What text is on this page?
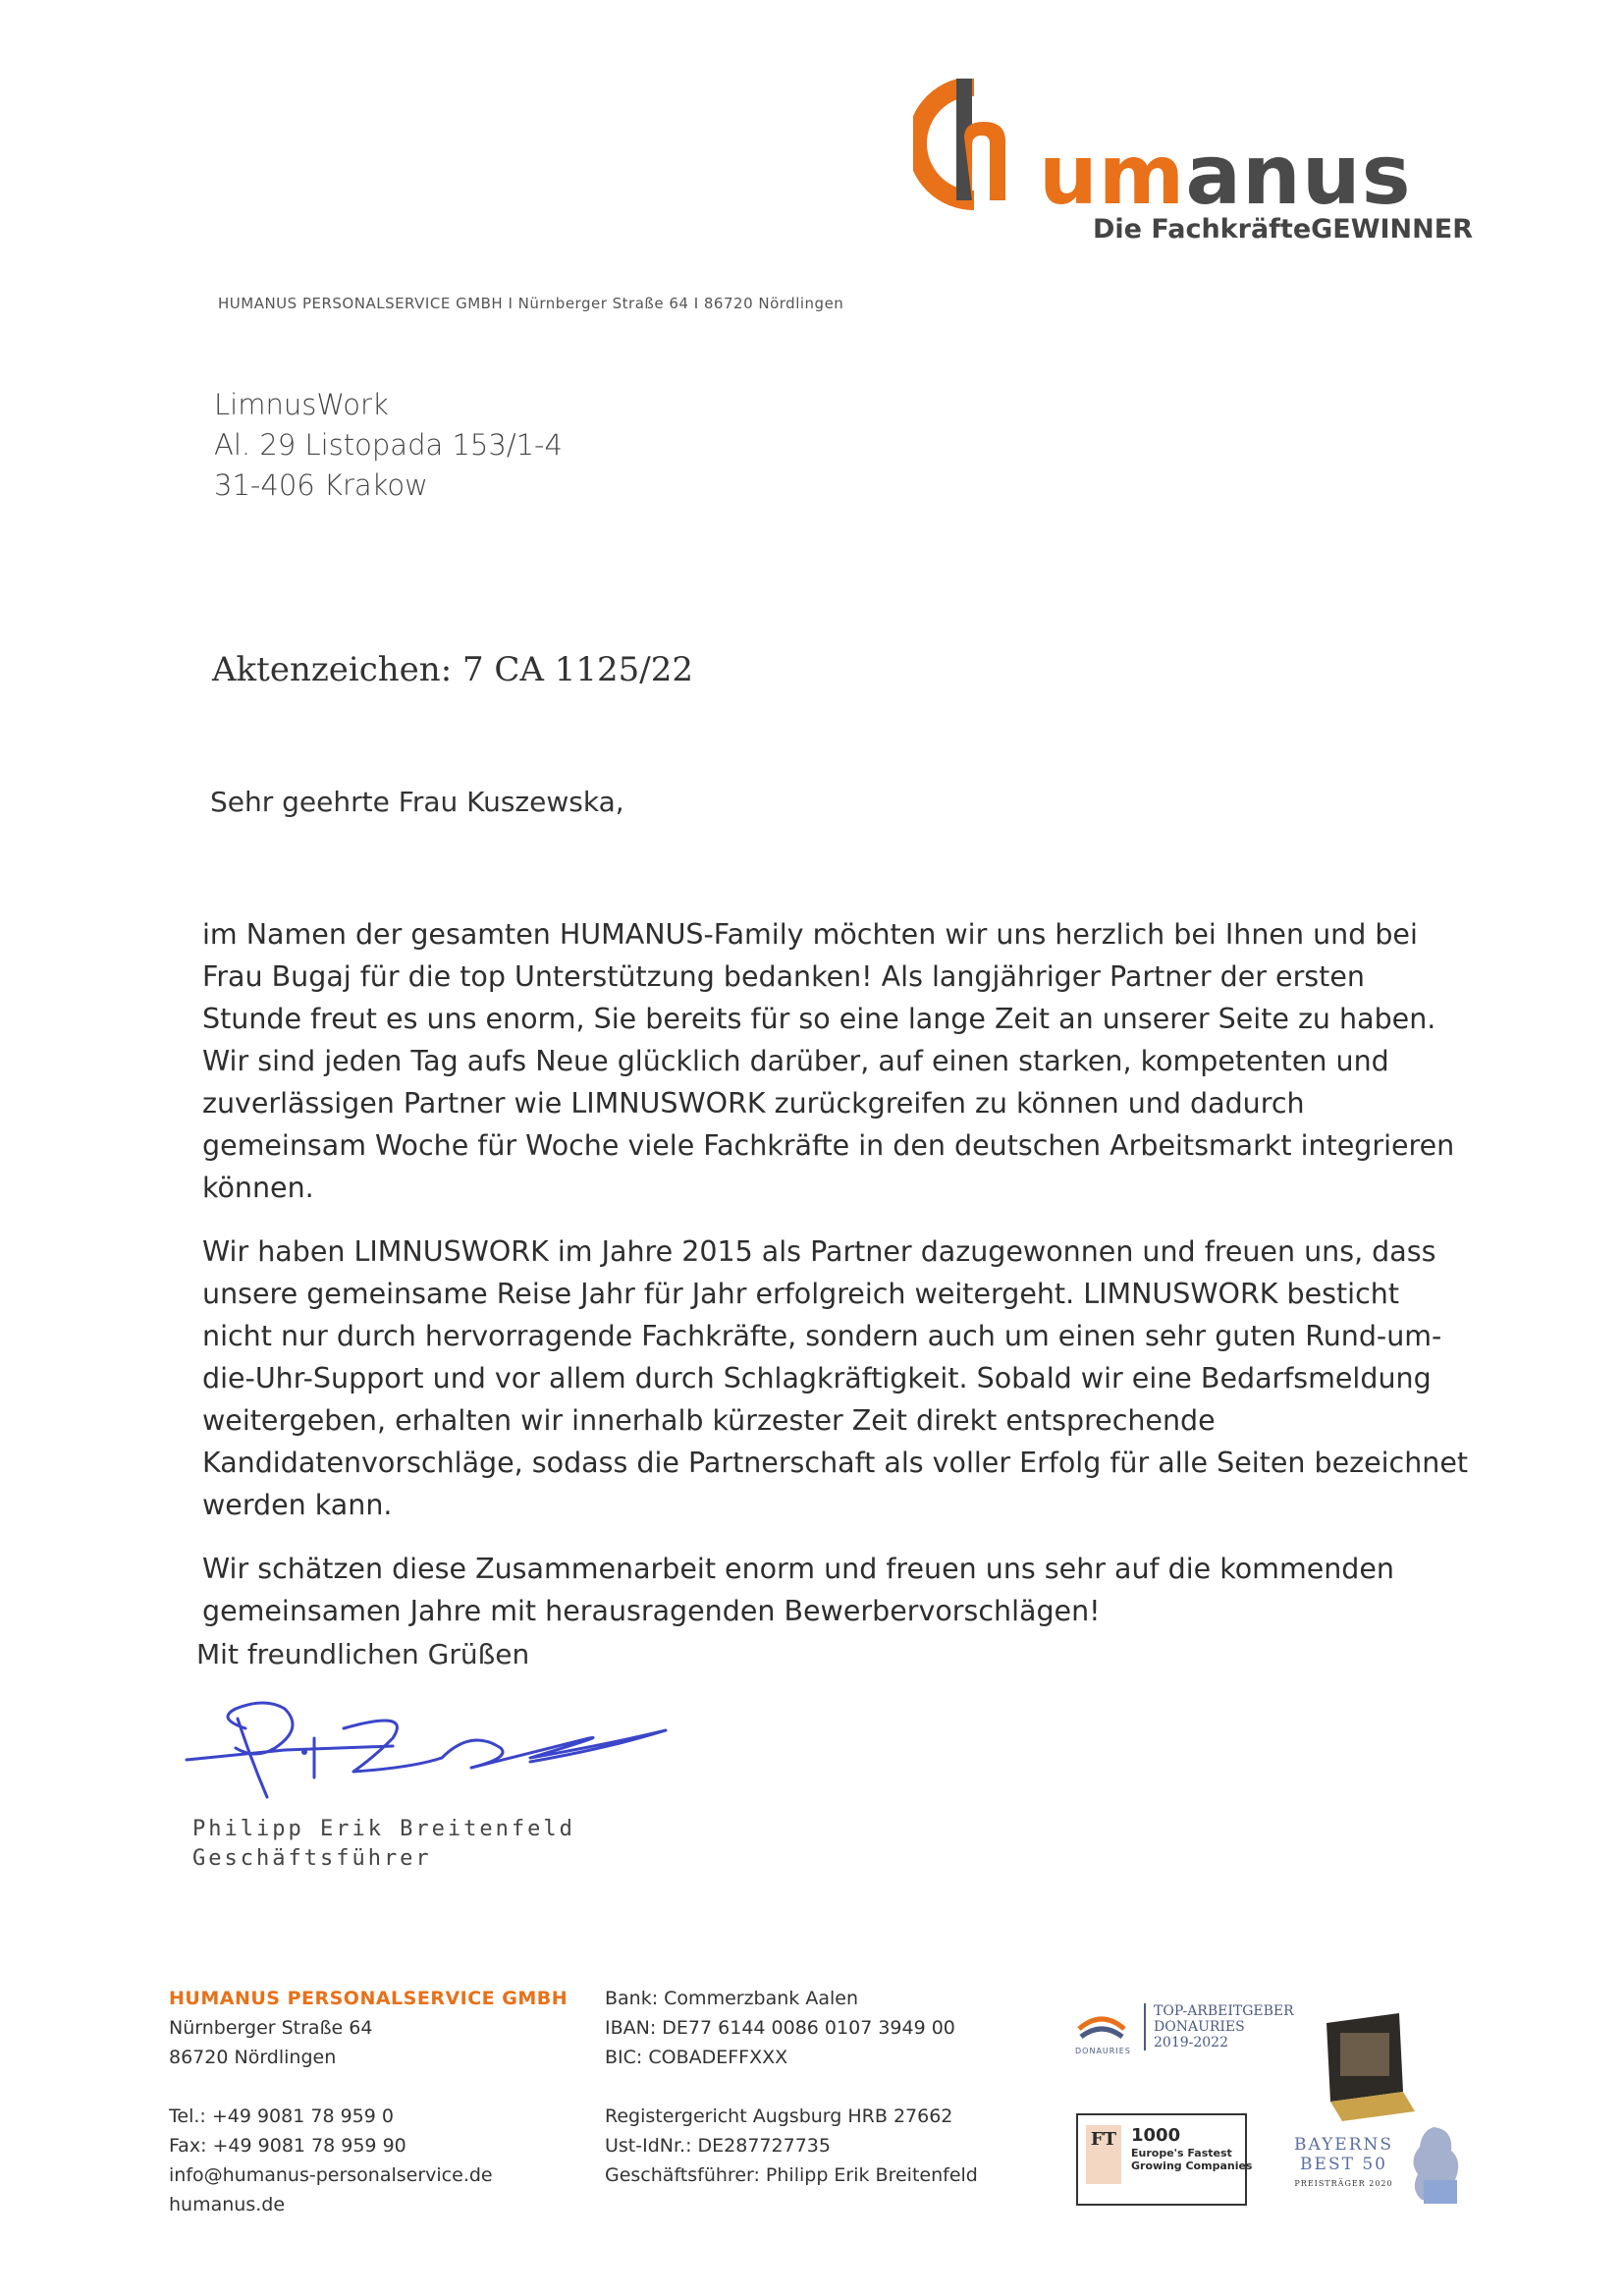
umanus
Die FachkräfteGEWINNER
HUMANUS PERSONALSERVICE GMBH I Nürnberger Straße 64 I 86720 Nördlingen
LimnusWork
Al. 29 Listopada 153/1-4
31-406 Krakow
Aktenzeichen: 7 CA 1125/22
Sehr geehrte Frau Kuszewska,

im Namen der gesamten HUMANUS-Family möchten wir uns herzlich bei Ihnen und bei Frau Bugaj für die top Unterstützung bedanken! Als langjähriger Partner der ersten Stunde freut es uns enorm, Sie bereits für so eine lange Zeit an unserer Seite zu haben. Wir sind jeden Tag aufs Neue glücklich darüber, auf einen starken, kompetenten und zuverlässigen Partner wie LIMNUSWORK zurückgreifen zu können und dadurch gemeinsam Woche für Woche viele Fachkräfte in den deutschen Arbeitsmarkt integrieren können.

Wir haben LIMNUSWORK im Jahre 2015 als Partner dazugewonnen und freuen uns, dass unsere gemeinsame Reise Jahr für Jahr erfolgreich weitergeht. LIMNUSWORK besticht nicht nur durch hervorragende Fachkräfte, sondern auch um einen sehr guten Rund-um-die-Uhr-Support und vor allem durch Schlagkräftigkeit. Sobald wir eine Bedarfsmeldung weitergeben, erhalten wir innerhalb kürzester Zeit direkt entsprechende Kandidatenvorschläge, sodass die Partnerschaft als voller Erfolg für alle Seiten bezeichnet werden kann.

Wir schätzen diese Zusammenarbeit enorm und freuen uns sehr auf die kommenden gemeinsamen Jahre mit herausragenden Bewerbervorschlägen!

Mit freundlichen Grüßen
Philipp Erik Breitenfeld
Geschäftsführer
HUMANUS PERSONALSERVICE GMBH
Nürnberger Straße 64
86720 Nördlingen
Tel.: +49 9081 78 959 0
Fax: +49 9081 78 959 90
info@humanus-personalservice.de
humanus.de
Bank: Commerzbank Aalen
IBAN: DE77 6144 0086 0107 3949 00
BIC: COBADEFFXXX
Registergericht Augsburg HRB 27662
Ust-IdNr.: DE287727735
Geschäftsführer: Philipp Erik Breitenfeld
DONAURIES
TOP-ARBEITGEBER
DONAURIES
2019-2022
FT 1000
Europe's Fastest
Growing Companies
BAYERNS
BEST 50
PREISTRÄGER 2020
